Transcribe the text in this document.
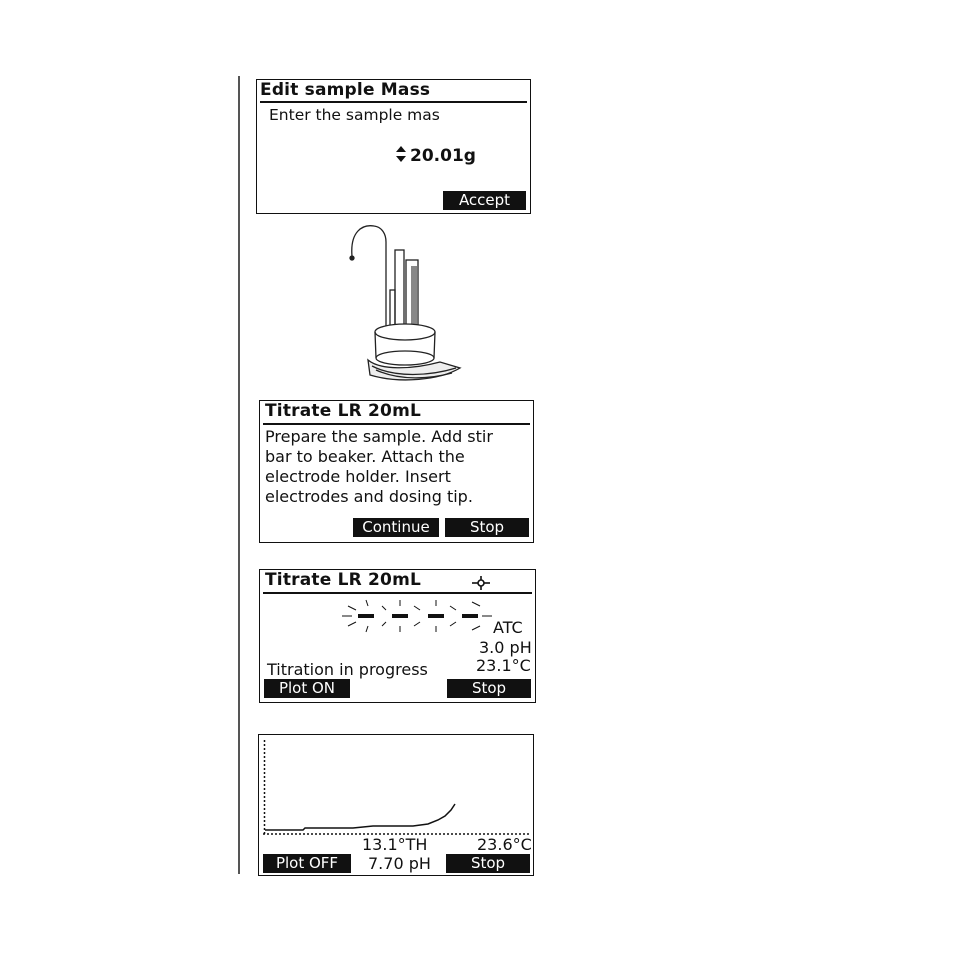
Edit sample Mass
Enter the sample mas
20.01g
Accept
Titrate LR 20mL
Prepare the sample. Add stir
bar to beaker. Attach the
electrode holder. Insert
electrodes and dosing tip.
Continue	Stop
Titrate LR 20mL
ATC
3.0 pH
23.1°C
Titration in progress
Plot ON	Stop
13.1°TH	23.6°C
Plot OFF	7.70 pH	Stop
